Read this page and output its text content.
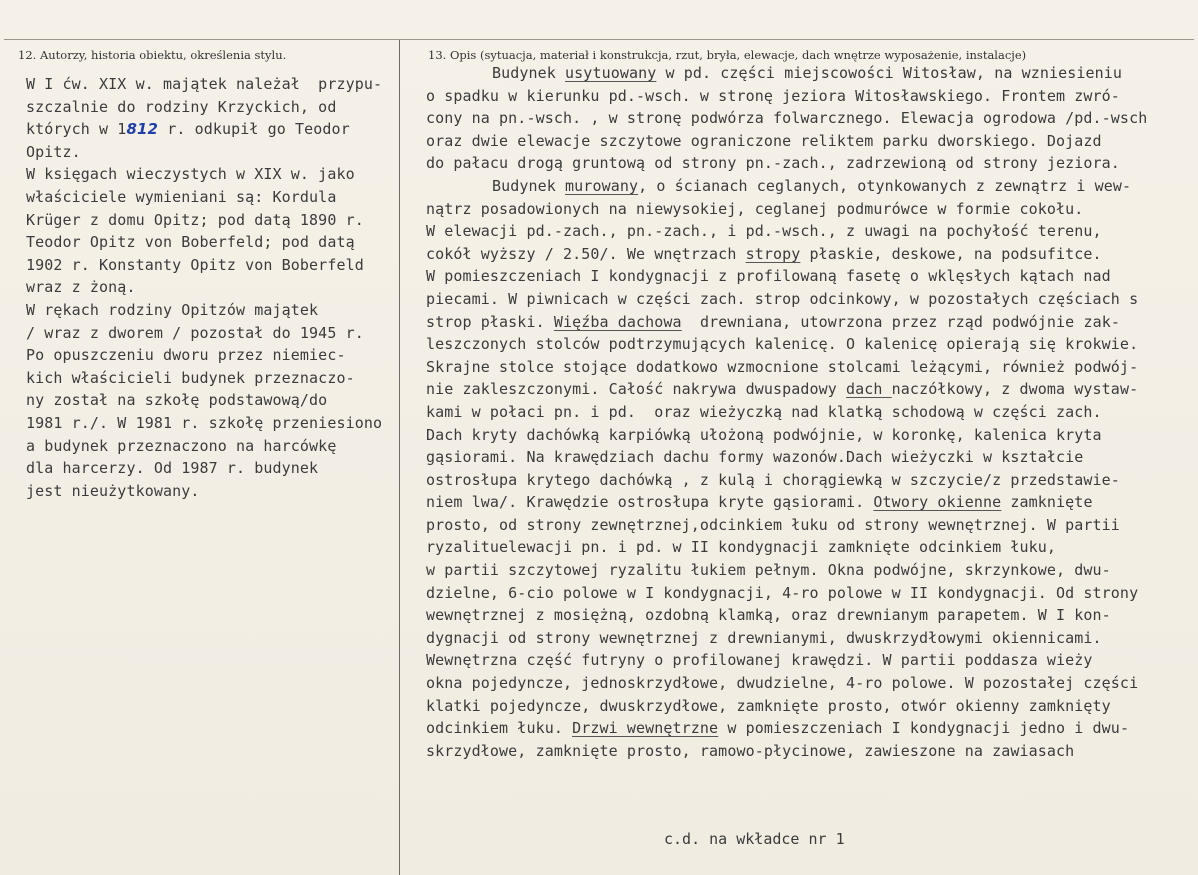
12. Autorzy, historia obiektu, określenia stylu.	13. Opis (sytuacja, materiał i konstrukcja, rzut, bryła, elewacje, dach wnętrze wyposażenie, instalacje)
W I ćw. XIX w. majątek należał  przypu-
szczalnie do rodziny Krzyckich, od
których w 1812 r. odkupił go Teodor
Opitz.
W księgach wieczystych w XIX w. jako
właściciele wymieniani są: Kordula
Krüger z domu Opitz; pod datą 1890 r.
Teodor Opitz von Boberfeld; pod datą
1902 r. Konstanty Opitz von Boberfeld
wraz z żoną.
W rękach rodziny Opitzów majątek
/ wraz z dworem / pozostał do 1945 r.
Po opuszczeniu dworu przez niemiec-
kich właścicieli budynek przeznaczo-
ny został na szkołę podstawową/do
1981 r./. W 1981 r. szkołę przeniesiono
a budynek przeznaczono na harcówkę
dla harcerzy. Od 1987 r. budynek
jest nieużytkowany.
Budynek usytuowany w pd. części miejscowości Witosław, na wzniesieniu
o spadku w kierunku pd.-wsch. w stronę jeziora Witosławskiego. Frontem zwró-
cony na pn.-wsch. , w stronę podwórza folwarcznego. Elewacja ogrodowa /pd.-wsch
oraz dwie elewacje szczytowe ograniczone reliktem parku dworskiego. Dojazd
do pałacu drogą gruntową od strony pn.-zach., zadrzewioną od strony jeziora.
Budynek murowany, o ścianach ceglanych, otynkowanych z zewnątrz i wew-
nątrz posadowionych na niewysokiej, ceglanej podmurówce w formie cokołu.
W elewacji pd.-zach., pn.-zach., i pd.-wsch., z uwagi na pochyłość terenu,
cokół wyższy / 2.50/. We wnętrzach stropy płaskie, deskowe, na podsufitce.
W pomieszczeniach I kondygnacji z profilowaną fasetę o wklęsłych kątach nad
piecami. W piwnicach w części zach. strop odcinkowy, w pozostałych częściach s
strop płaski. Więźba dachowa  drewniana, utowrzona przez rząd podwójnie zak-
leszczonych stolców podtrzymujących kalenicę. O kalenicę opierają się krokwie.
Skrajne stolce stojące dodatkowo wzmocnione stolcami leżącymi, również podwój-
nie zakleszczonymi. Całość nakrywa dwuspadowy dach naczółkowy, z dwoma wystaw-
kami w połaci pn. i pd.  oraz wieżyczką nad klatką schodową w części zach.
Dach kryty dachówką karpiówką ułożoną podwójnie, w koronkę, kalenica kryta
gąsiorami. Na krawędziach dachu formy wazonów.Dach wieżyczki w kształcie
ostrosłupa krytego dachówką , z kulą i chorągiewką w szczycie/z przedstawie-
niem lwa/. Krawędzie ostrosłupa kryte gąsiorami. Otwory okienne zamknięte
prosto, od strony zewnętrznej,odcinkiem łuku od strony wewnętrznej. W partii
ryzalituelewacji pn. i pd. w II kondygnacji zamknięte odcinkiem łuku,
w partii szczytowej ryzalitu łukiem pełnym. Okna podwójne, skrzynkowe, dwu-
dzielne, 6-cio polowe w I kondygnacji, 4-ro polowe w II kondygnacji. Od strony
wewnętrznej z mosiężną, ozdobną klamką, oraz drewnianym parapetem. W I kon-
dygnacji od strony wewnętrznej z drewnianymi, dwuskrzydłowymi okiennicami.
Wewnętrzna część futryny o profilowanej krawędzi. W partii poddasza wieży
okna pojedyncze, jednoskrzydłowe, dwudzielne, 4-ro polowe. W pozostałej części
klatki pojedyncze, dwuskrzydłowe, zamknięte prosto, otwór okienny zamknięty
odcinkiem łuku. Drzwi wewnętrzne w pomieszczeniach I kondygnacji jedno i dwu-
skrzydłowe, zamknięte prosto, ramowo-płycinowe, zawieszone na zawiasach
c.d. na wkładce nr 1
